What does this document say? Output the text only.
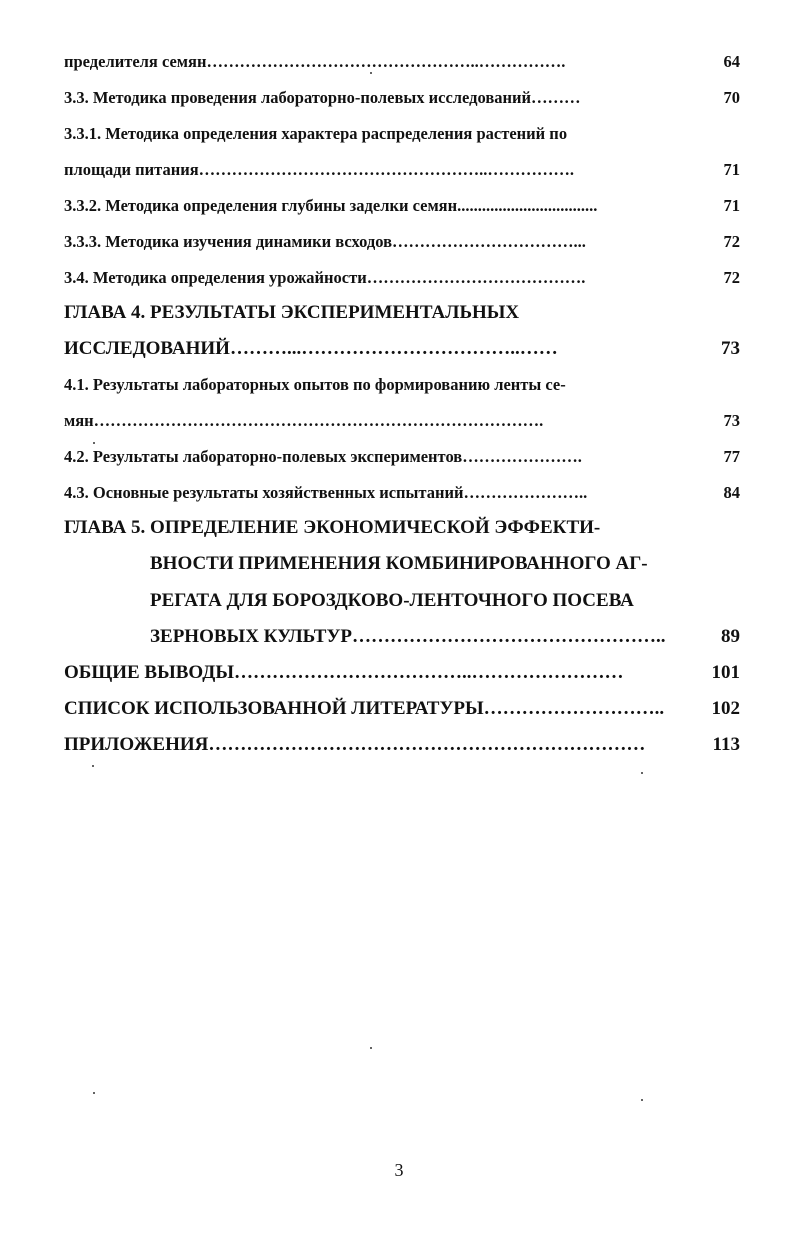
пределителя семян…………………………………………..…………….	64
3.3. Методика проведения лабораторно-полевых исследований………	70
3.3.1. Методика определения характера распределения растений по
площади питания……………………………………………..…………….	71
3.3.2. Методика определения глубины заделки семян..................................	71
3.3.3. Методика изучения динамики всходов……………………………...	72
3.4. Методика определения урожайности………………………………….	72
ГЛАВА 4. РЕЗУЛЬТАТЫ ЭКСПЕРИМЕНТАЛЬНЫХ
ИССЛЕДОВАНИЙ………...……………………………..……	73
4.1. Результаты лабораторных опытов по формированию ленты се-
мян……………………………………………………………………….	73
4.2. Результаты лабораторно-полевых экспериментов………………….	77
4.3. Основные результаты хозяйственных испытаний…………………..	84
ГЛАВА 5. ОПРЕДЕЛЕНИЕ ЭКОНОМИЧЕСКОЙ ЭФФЕКТИ-
ВНОСТИ ПРИМЕНЕНИЯ КОМБИНИРОВАННОГО АГ-
РЕГАТА ДЛЯ БОРОЗДКОВО-ЛЕНТОЧНОГО ПОСЕВА
ЗЕРНОВЫХ КУЛЬТУР…………………………………………..	89
ОБЩИЕ ВЫВОДЫ………………………………..……………………	101
СПИСОК ИСПОЛЬЗОВАННОЙ ЛИТЕРАТУРЫ……………………….. 102
ПРИЛОЖЕНИЯ……………………………………………………………	113
3
